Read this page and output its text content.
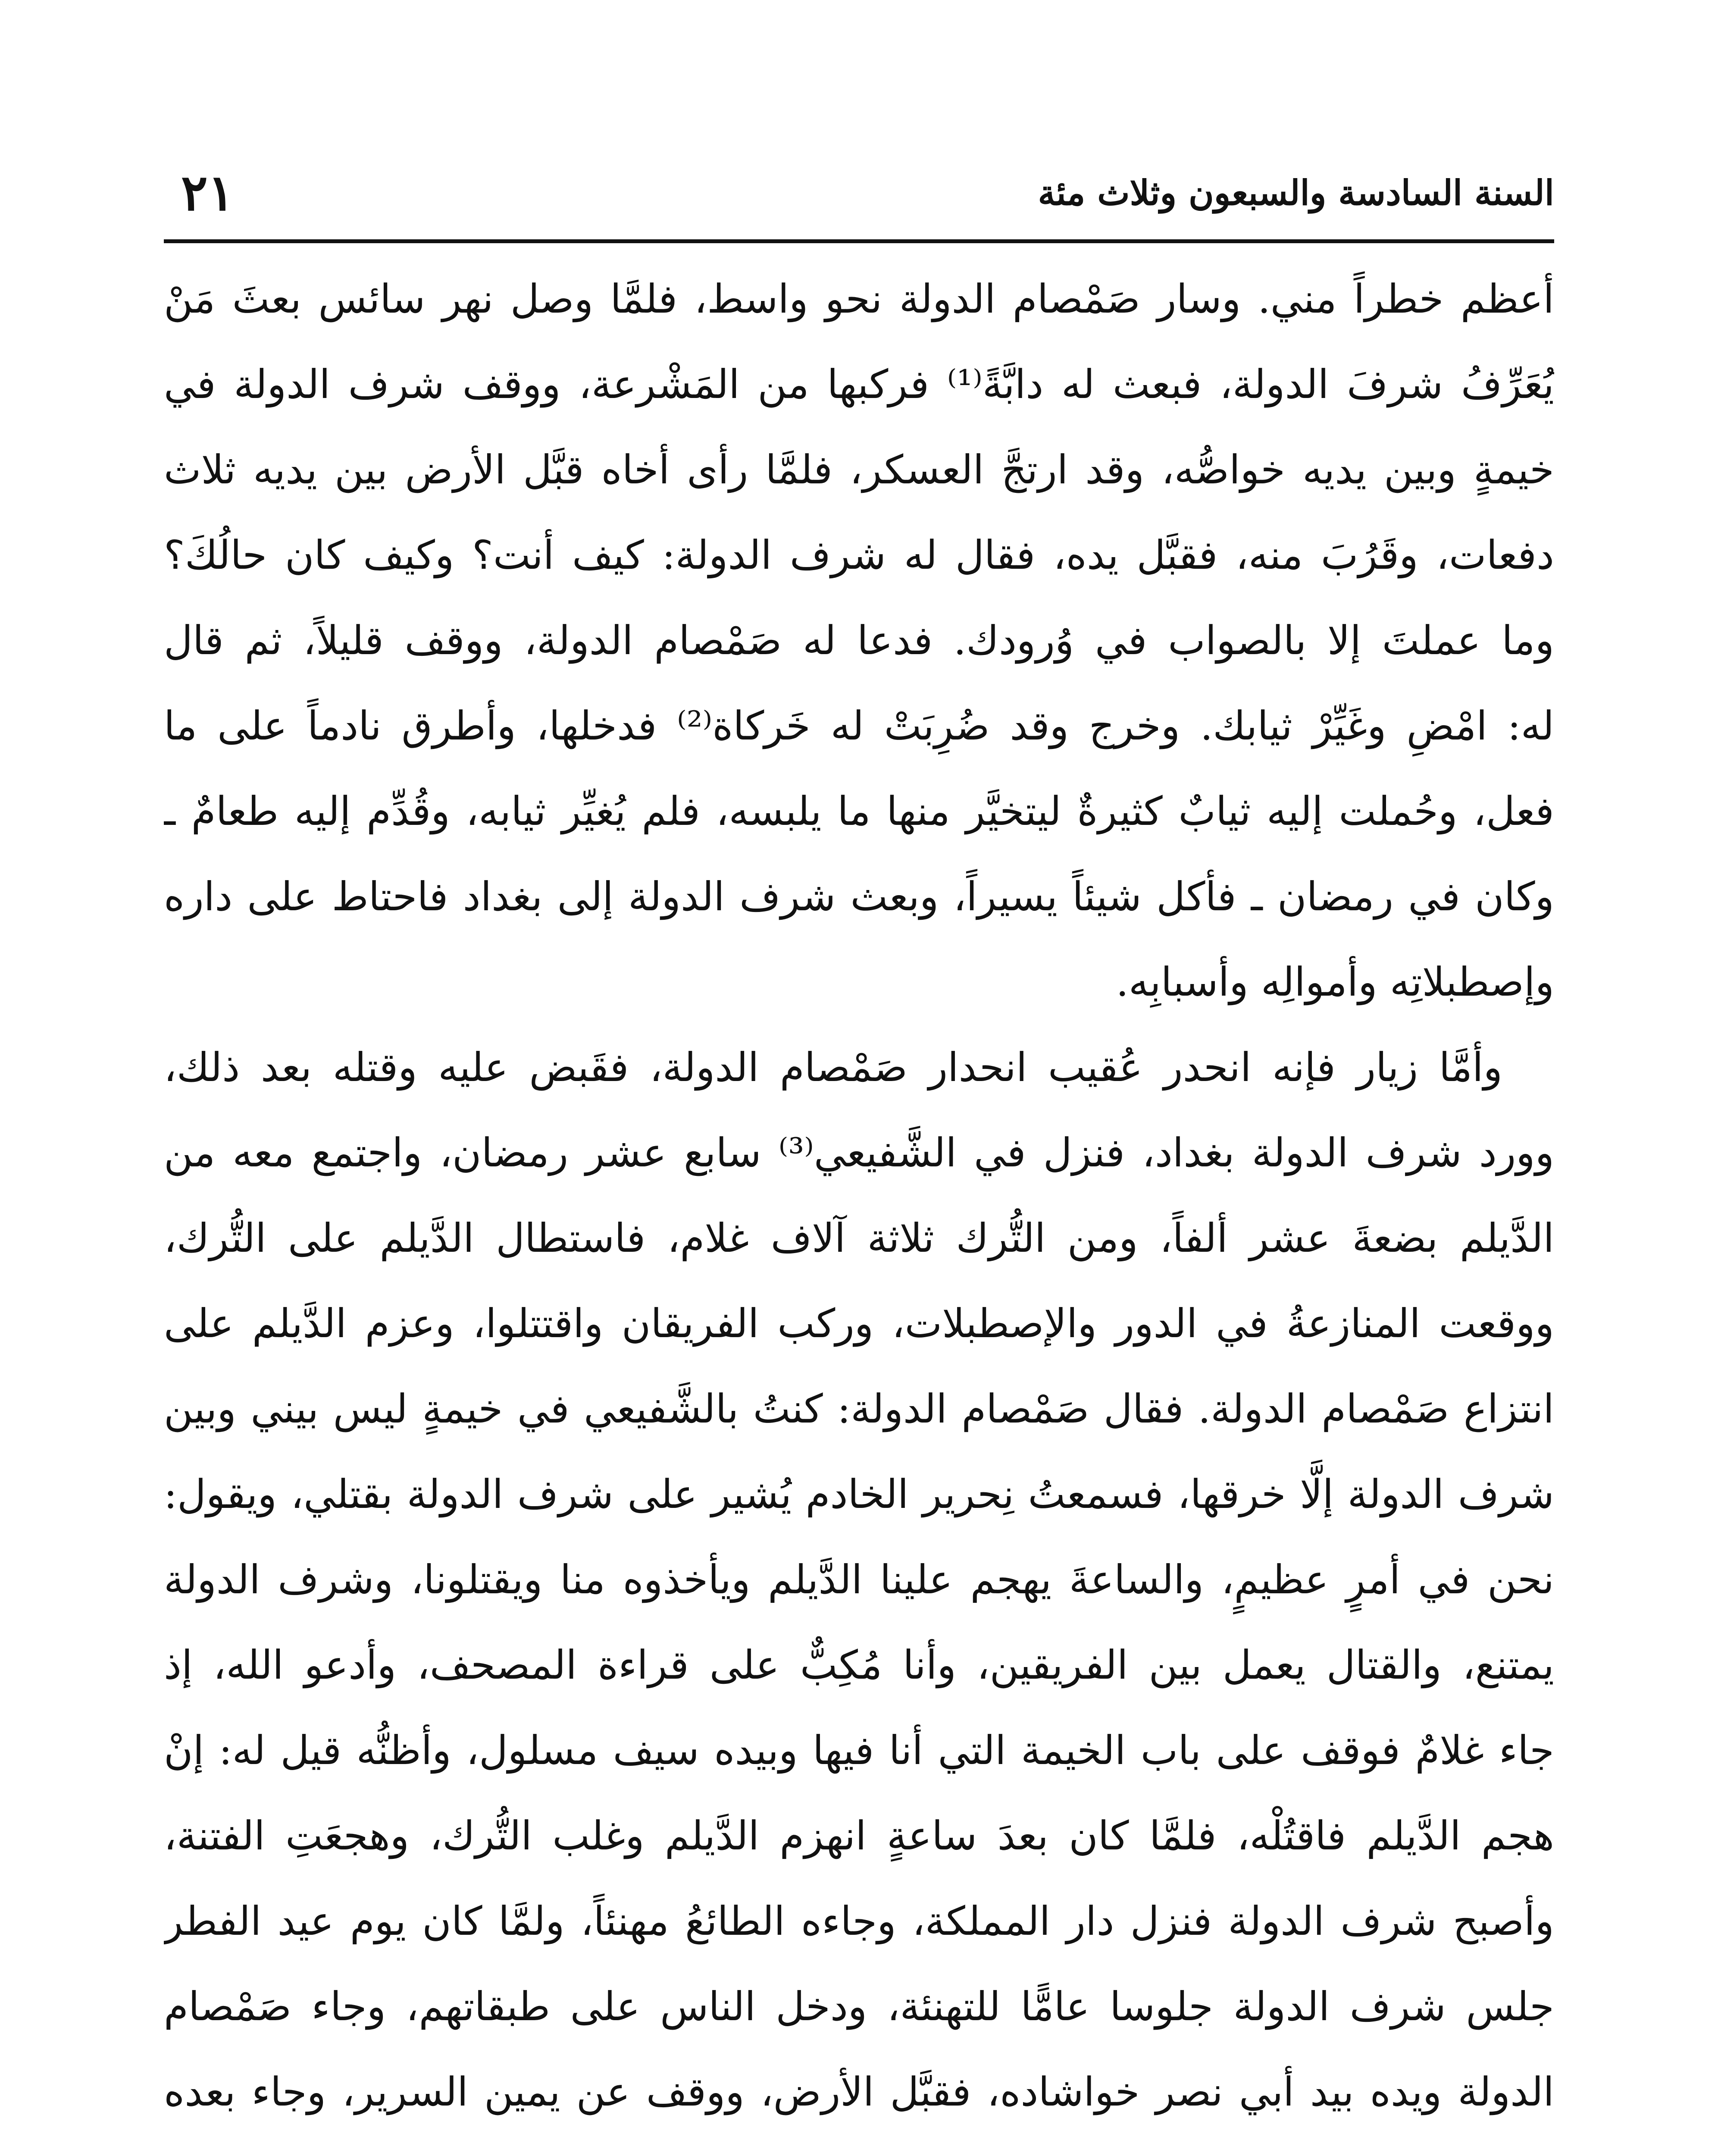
السنة السادسة والسبعون وثلاث مئة
٢١
أعظم خطراً مني. وسار صَمْصام الدولة نحو واسط، فلمَّا وصل نهر سائس بعثَ مَنْ
يُعَرِّفُ شرفَ الدولة، فبعث له دابَّةً⁽¹⁾ فركبها من المَشْرعة، ووقف شرف الدولة في
خيمةٍ وبين يديه خواصُّه، وقد ارتجَّ العسكر، فلمَّا رأى أخاه قبَّل الأرض بين يديه ثلاث
دفعات، وقَرُبَ منه، فقبَّل يده، فقال له شرف الدولة: كيف أنت؟ وكيف كان حالُكَ؟
وما عملتَ إلا بالصواب في وُرودك. فدعا له صَمْصام الدولة، ووقف قليلاً، ثم قال
له: امْضِ وغَيِّرْ ثيابك. وخرج وقد ضُرِبَتْ له خَركاة⁽²⁾ فدخلها، وأطرق نادماً على ما
فعل، وحُملت إليه ثيابٌ كثيرةٌ ليتخيَّر منها ما يلبسه، فلم يُغيِّر ثيابه، وقُدِّم إليه طعامٌ ـ
وكان في رمضان ـ فأكل شيئاً يسيراً، وبعث شرف الدولة إلى بغداد فاحتاط على داره
وإصطبلاتِه وأموالِه وأسبابِه.
وأمَّا زيار فإنه انحدر عُقيب انحدار صَمْصام الدولة، فقَبض عليه وقتله بعد ذلك،
وورد شرف الدولة بغداد، فنزل في الشَّفيعي⁽³⁾ سابع عشر رمضان، واجتمع معه من
الدَّيلم بضعةَ عشر ألفاً، ومن التُّرك ثلاثة آلاف غلام، فاستطال الدَّيلم على التُّرك،
ووقعت المنازعةُ في الدور والإصطبلات، وركب الفريقان واقتتلوا، وعزم الدَّيلم على
انتزاع صَمْصام الدولة. فقال صَمْصام الدولة: كنتُ بالشَّفيعي في خيمةٍ ليس بيني وبين
شرف الدولة إلَّا خرقها، فسمعتُ نِحرير الخادم يُشير على شرف الدولة بقتلي، ويقول:
نحن في أمرٍ عظيمٍ، والساعةَ يهجم علينا الدَّيلم ويأخذوه منا ويقتلونا، وشرف الدولة
يمتنع، والقتال يعمل بين الفريقين، وأنا مُكِبٌّ على قراءة المصحف، وأدعو الله، إذ
جاء غلامٌ فوقف على باب الخيمة التي أنا فيها وبيده سيف مسلول، وأظنُّه قيل له: إنْ
هجم الدَّيلم فاقتُلْه، فلمَّا كان بعدَ ساعةٍ انهزم الدَّيلم وغلب التُّرك، وهجعَتِ الفتنة،
وأصبح شرف الدولة فنزل دار المملكة، وجاءه الطائعُ مهنئاً، ولمَّا كان يوم عيد الفطر
جلس شرف الدولة جلوسا عامًّا للتهنئة، ودخل الناس على طبقاتهم، وجاء صَمْصام
الدولة ويده بيد أبي نصر خواشاده، فقبَّل الأرض، ووقف عن يمين السرير، وجاء بعده
